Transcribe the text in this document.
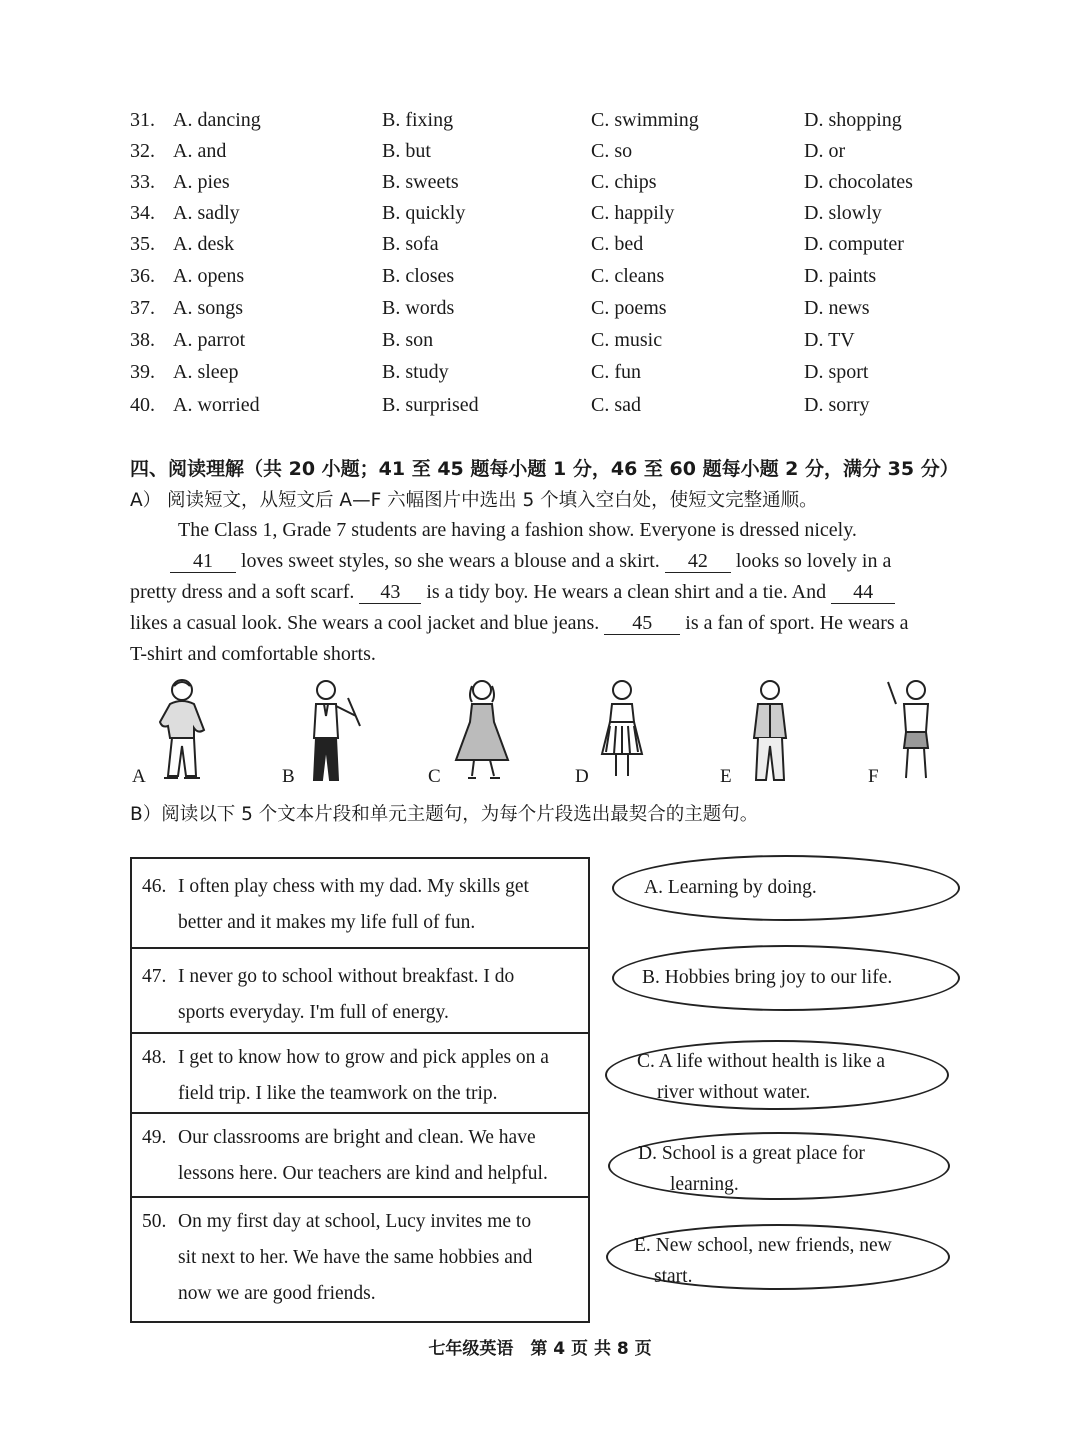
31. A. dancing	B. fixing	C. swimming	D. shopping
32. A. and	B. but	C. so	D. or
33. A. pies	B. sweets	C. chips	D. chocolates
34. A. sadly	B. quickly	C. happily	D. slowly
35. A. desk	B. sofa	C. bed	D. computer
36. A. opens	B. closes	C. cleans	D. paints
37. A. songs	B. words	C. poems	D. news
38. A. parrot	B. son	C. music	D. TV
39. A. sleep	B. study	C. fun	D. sport
40. A. worried	B. surprised	C. sad	D. sorry
四、阅读理解（共 20 小题；41 至 45 题每小题 1 分，46 至 60 题每小题 2 分，满分 35 分）
A） 阅读短文，从短文后 A—F 六幅图片中选出 5 个填入空白处，使短文完整通顺。
The Class 1, Grade 7 students are having a fashion show. Everyone is dressed nicely.
41 loves sweet styles, so she wears a blouse and a skirt. 42 looks so lovely in a
pretty dress and a soft scarf. 43 is a tidy boy. He wears a clean shirt and a tie. And 44
likes a casual look. She wears a cool jacket and blue jeans. 45 is a fan of sport. He wears a
T-shirt and comfortable shorts.
A	B	C	D	E	F
B）阅读以下 5 个文本片段和单元主题句，为每个片段选出最契合的主题句。
46. I often play chess with my dad. My skills get
better and it makes my life full of fun.
47. I never go to school without breakfast. I do
sports everyday. I'm full of energy.
48. I get to know how to grow and pick apples on a
field trip. I like the teamwork on the trip.
49. Our classrooms are bright and clean. We have
lessons here. Our teachers are kind and helpful.
50. On my first day at school, Lucy invites me to
sit next to her. We have the same hobbies and
now we are good friends.
A. Learning by doing.
B. Hobbies bring joy to our life.
C. A life without health is like a
river without water.
D. School is a great place for
learning.
E. New school, new friends, new
start.
七年级英语　第 4 页 共 8 页
